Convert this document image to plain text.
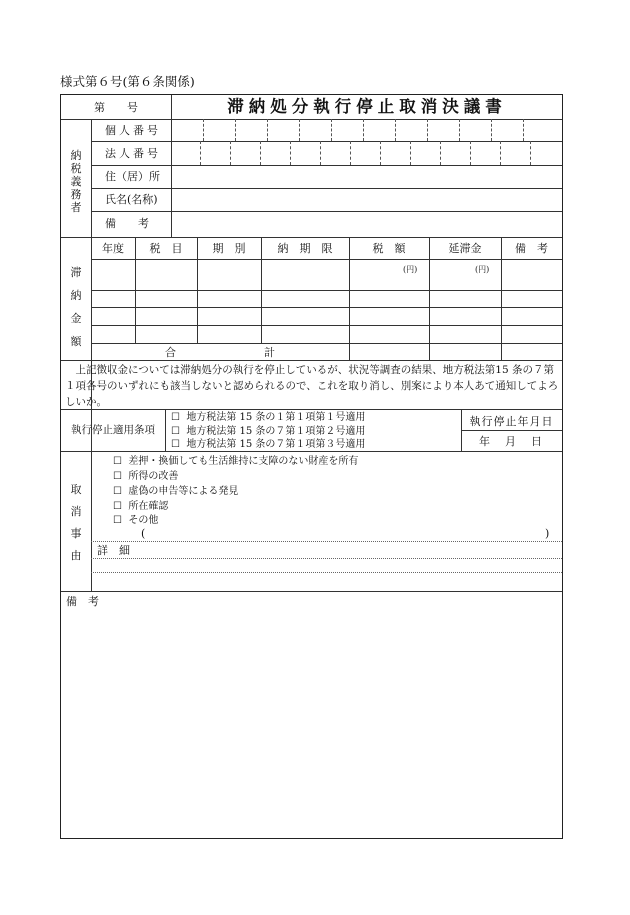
様式第６号(第６条関係)
第　　号	滞納処分執行停止取消決議書
納
税
義
務
者
個人番号
法人番号
住（居）所
氏名(名称)
備　　考
滞
納
金
額
年度	税　目	期　別	納　期　限	税　額	延滞金	備　考
(円)	(円)
合　　　　　　　　計
上記徴収金については滞納処分の執行を停止しているが、状況等調査の結果、地方税法第15 条の７第１項各号のいずれにも該当しないと認められるので、これを取り消し、別案により本人あて通知してよろしいか。
執行停止適用条項
☐ 地方税法第 15 条の１第１項第１号適用
☐ 地方税法第 15 条の７第１項第２号適用
☐ 地方税法第 15 条の７第１項第３号適用
執行停止年月日
年　月　日
取
消
事
由
☐ 差押・換価しても生活維持に支障のない財産を所有
☐ 所得の改善
☐ 虚偽の申告等による発見
☐ 所在確認
☐ その他
(	)
詳　細
備　考
